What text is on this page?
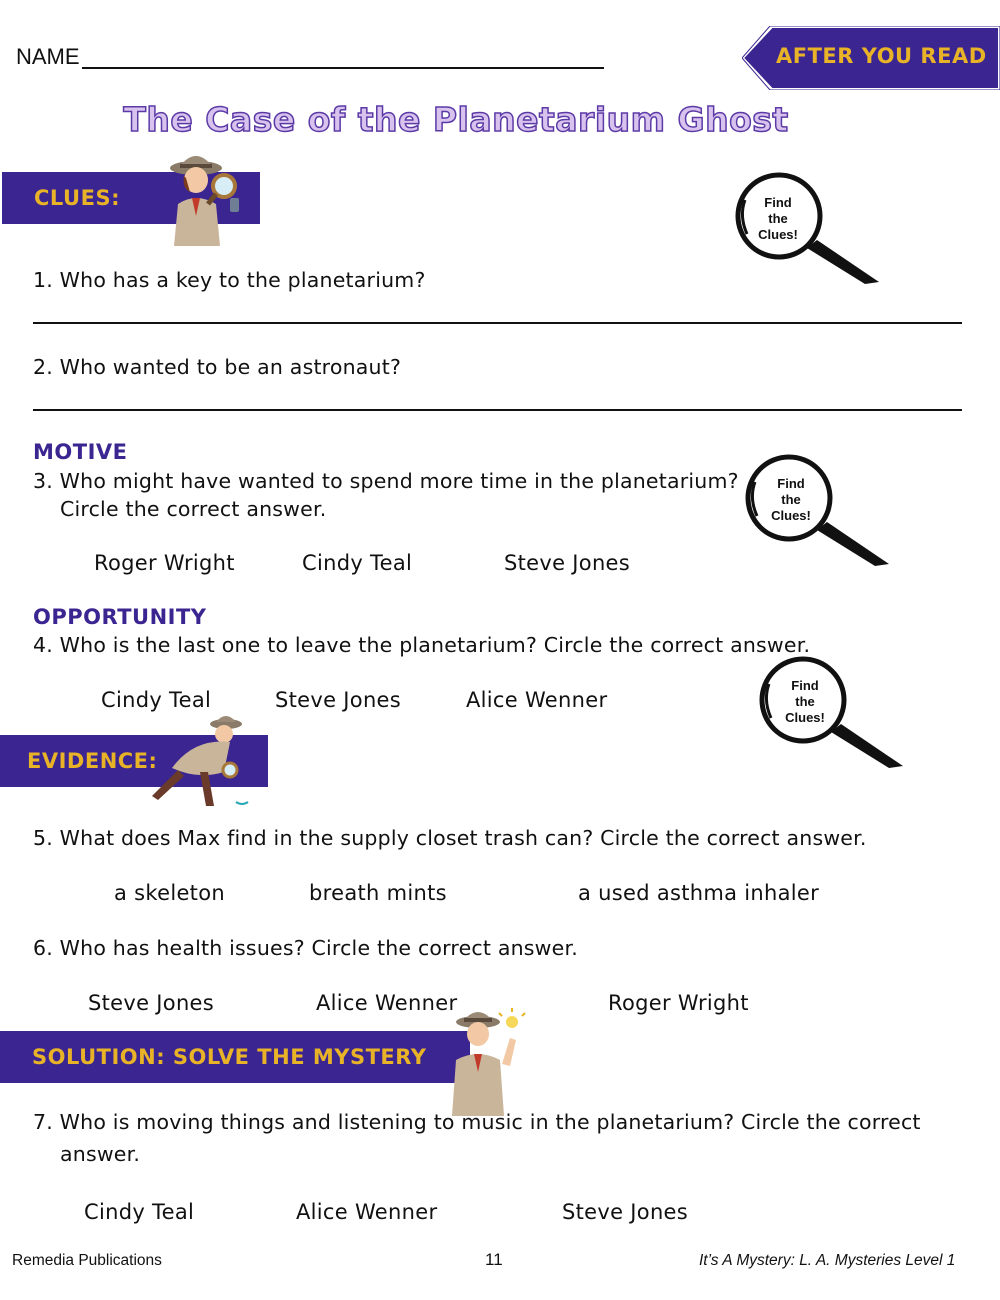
NAME	AFTER YOU READ
The Case of the Planetarium Ghost
CLUES:	Find
the
Clues!
1. Who has a key to the planetarium?
2. Who wanted to be an astronaut?
MOTIVE
3. Who might have wanted to spend more time in the planetarium?
Circle the correct answer.
Roger Wright	Cindy Teal	Steve Jones
Find
the
Clues!
OPPORTUNITY
4. Who is the last one to leave the planetarium? Circle the correct answer.
Cindy Teal	Steve Jones	Alice Wenner
Find
the
Clues!
EVIDENCE:
5. What does Max find in the supply closet trash can? Circle the correct answer.
a skeleton	breath mints	a used asthma inhaler
6. Who has health issues? Circle the correct answer.
Steve Jones	Alice Wenner	Roger Wright
SOLUTION: SOLVE THE MYSTERY
7. Who is moving things and listening to music in the planetarium? Circle the correct
answer.
Cindy Teal	Alice Wenner	Steve Jones
Remedia Publications	11	It’s A Mystery: L. A. Mysteries Level 1
